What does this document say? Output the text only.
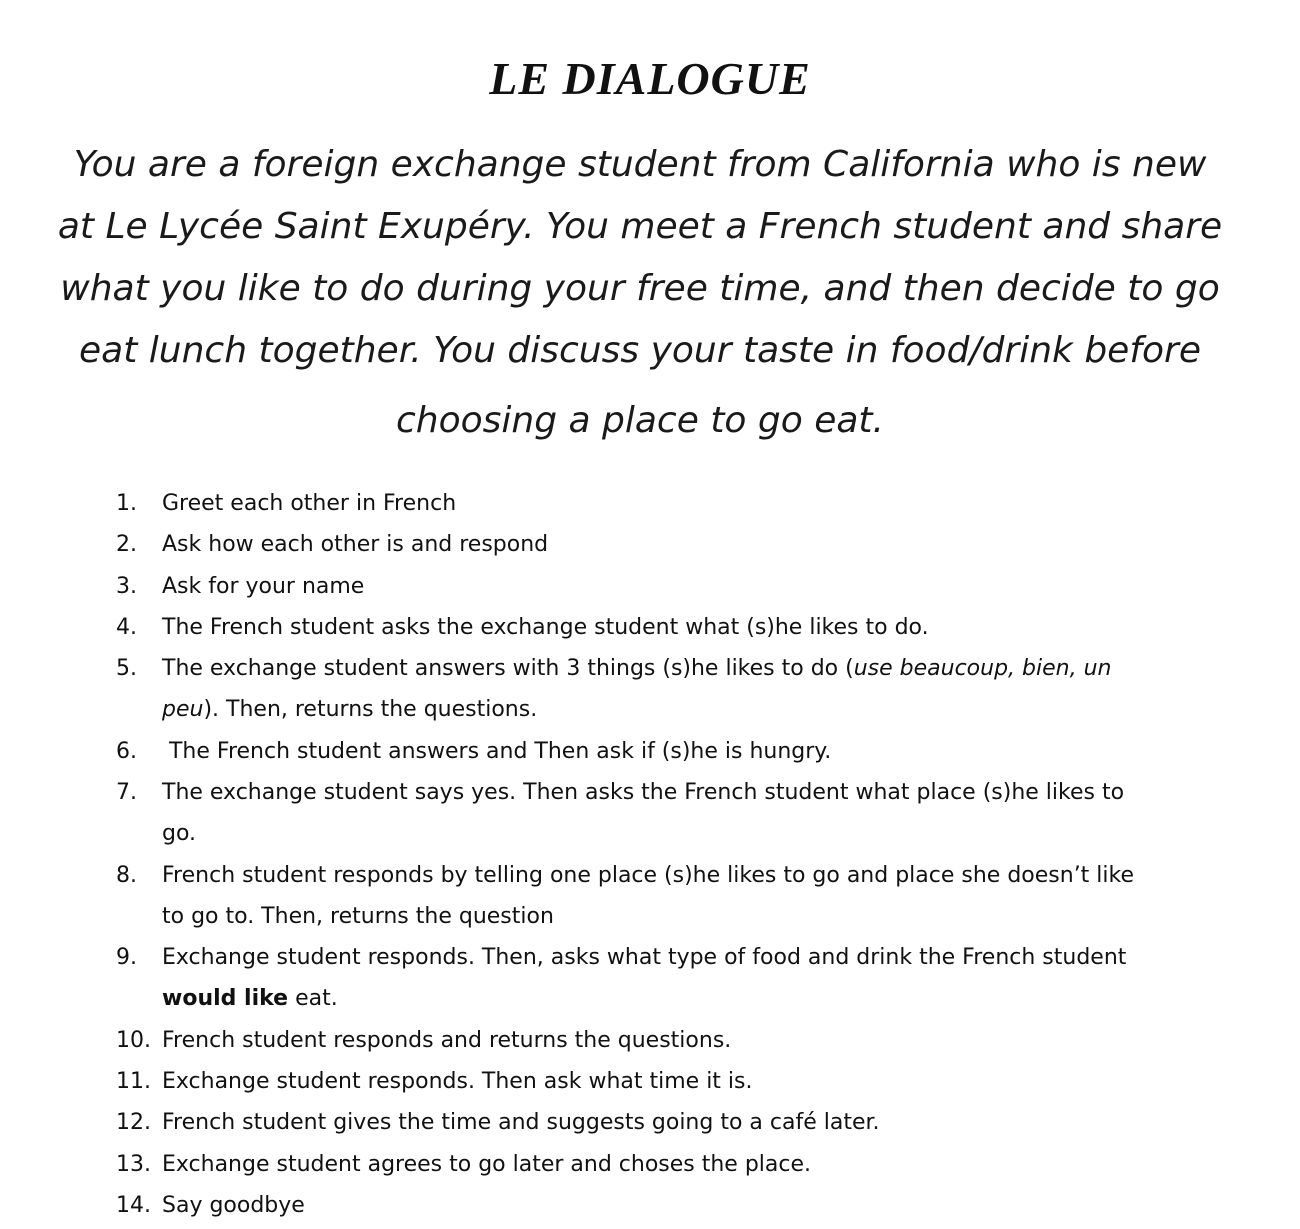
LE DIALOGUE
You are a foreign exchange student from California who is new
at Le Lycée Saint Exupéry. You meet a French student and share
what you like to do during your free time, and then decide to go
eat lunch together. You discuss your taste in food/drink before
choosing a place to go eat.
1.	Greet each other in French
2.	Ask how each other is and respond
3.	Ask for your name
4.	The French student asks the exchange student what (s)he likes to do.
5.	The exchange student answers with 3 things (s)he likes to do (use beaucoup, bien, un
peu). Then, returns the questions.
6.	The French student answers and Then ask if (s)he is hungry.
7.	The exchange student says yes. Then asks the French student what place (s)he likes to
go.
8.	French student responds by telling one place (s)he likes to go and place she doesn’t like
to go to. Then, returns the question
9.	Exchange student responds. Then, asks what type of food and drink the French student
would like eat.
10. French student responds and returns the questions.
11. Exchange student responds. Then ask what time it is.
12. French student gives the time and suggests going to a café later.
13. Exchange student agrees to go later and choses the place.
14. Say goodbye
